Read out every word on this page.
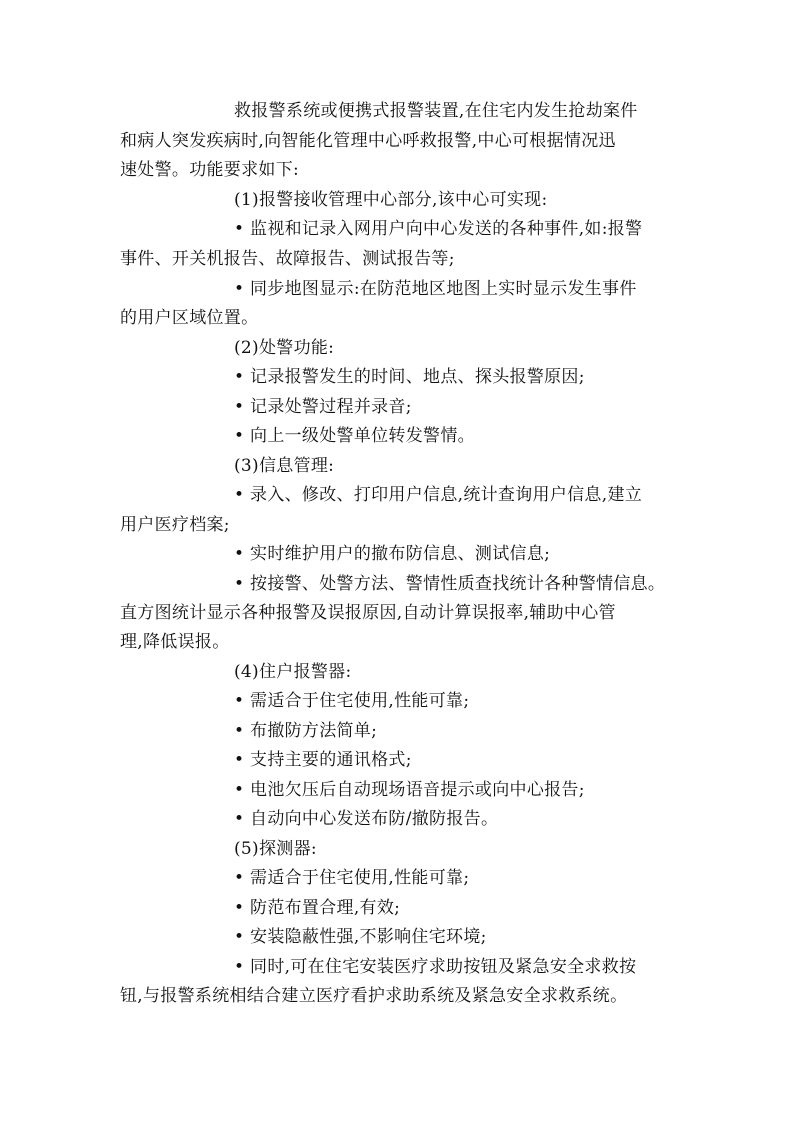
救报警系统或便携式报警装置,在住宅内发生抢劫案件
和病人突发疾病时,向智能化管理中心呼救报警,中心可根据情况迅
速处警。功能要求如下:
(1)报警接收管理中心部分,该中心可实现:
• 监视和记录入网用户向中心发送的各种事件,如:报警
事件、开关机报告、故障报告、测试报告等;
• 同步地图显示:在防范地区地图上实时显示发生事件
的用户区域位置。
(2)处警功能:
• 记录报警发生的时间、地点、探头报警原因;
• 记录处警过程并录音;
• 向上一级处警单位转发警情。
(3)信息管理:
• 录入、修改、打印用户信息,统计查询用户信息,建立
用户医疗档案;
• 实时维护用户的撤布防信息、测试信息;
• 按接警、处警方法、警情性质查找统计各种警情信息。
直方图统计显示各种报警及误报原因,自动计算误报率,辅助中心管
理,降低误报。
(4)住户报警器:
• 需适合于住宅使用,性能可靠;
• 布撤防方法简单;
• 支持主要的通讯格式;
• 电池欠压后自动现场语音提示或向中心报告;
• 自动向中心发送布防/撤防报告。
(5)探测器:
• 需适合于住宅使用,性能可靠;
• 防范布置合理,有效;
• 安装隐蔽性强,不影响住宅环境;
• 同时,可在住宅安装医疗求助按钮及紧急安全求救按
钮,与报警系统相结合建立医疗看护求助系统及紧急安全求救系统。
